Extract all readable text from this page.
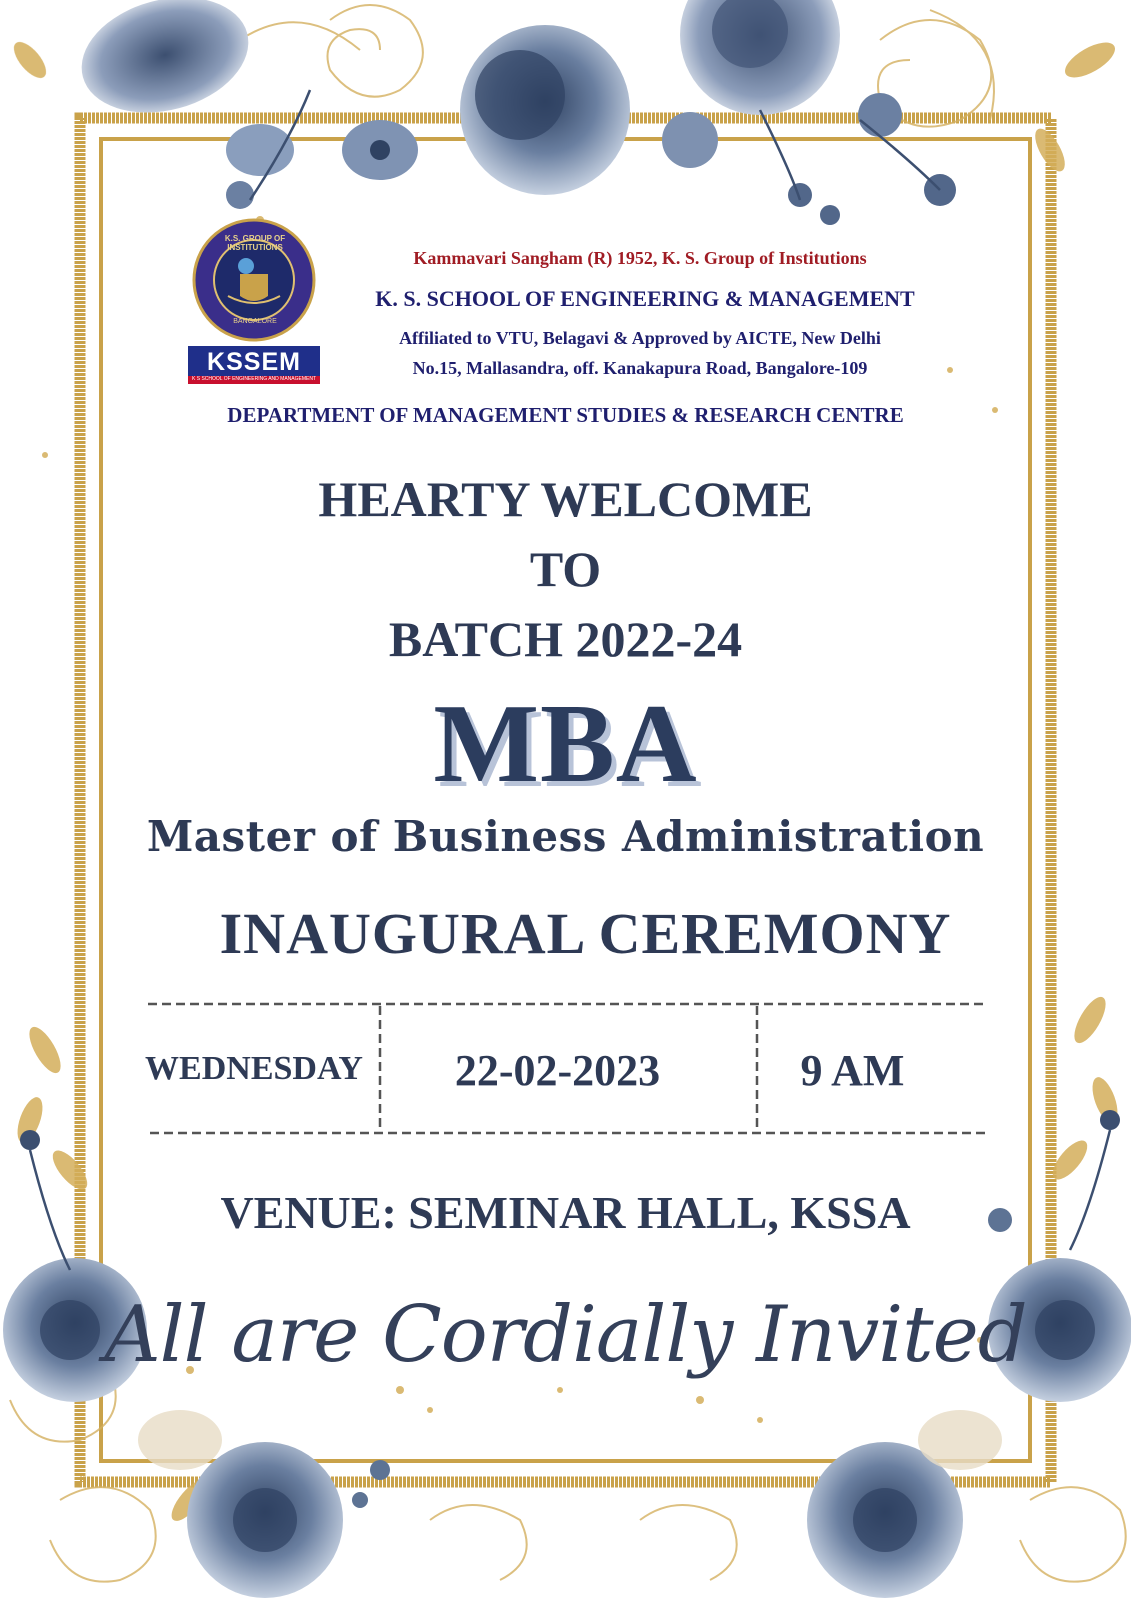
KSSEM
K.S. GROUP OF INSTITUTIONS
BANGALORE
K S SCHOOL OF ENGINEERING AND MANAGEMENT
Kammavari Sangham (R) 1952, K. S. Group of Institutions
K. S. SCHOOL OF ENGINEERING & MANAGEMENT
Affiliated to VTU, Belagavi & Approved by AICTE, New Delhi
No.15, Mallasandra, off. Kanakapura Road, Bangalore-109
DEPARTMENT OF MANAGEMENT STUDIES & RESEARCH CENTRE
HEARTY WELCOME
TO
BATCH 2022-24
MBA
Master of Business Administration
INAUGURAL CEREMONY
WEDNESDAY	22-02-2023	9 AM
VENUE: SEMINAR HALL, KSSA
All are Cordially Invited
